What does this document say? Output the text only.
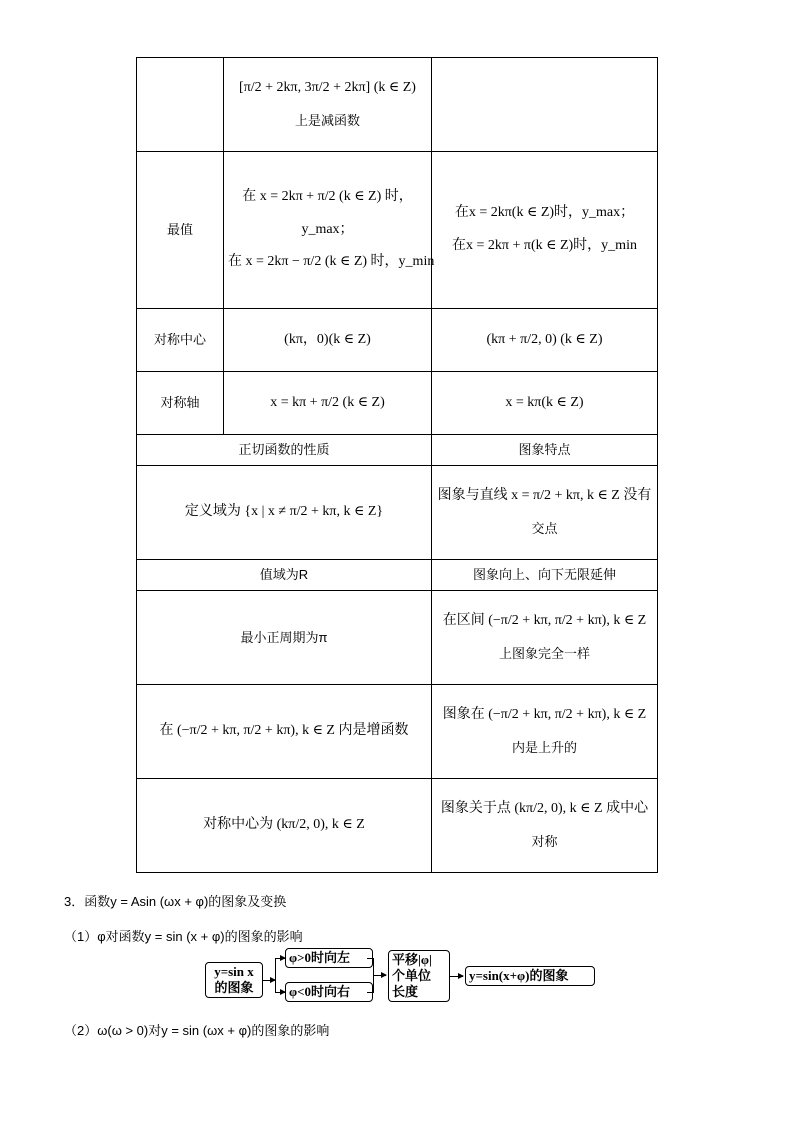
	[π/2 + 2kπ, 3π/2 + 2kπ] (k ∈ Z)
上是减函数	

最值	在 x = 2kπ + π/2 (k ∈ Z) 时，
y_max；
在 x = 2kπ − π/2 (k ∈ Z) 时，y_min	在x = 2kπ(k ∈ Z)时，y_max；
在x = 2kπ + π(k ∈ Z)时，y_min

对称中心	(kπ，0)(k ∈ Z)	(kπ + π/2, 0) (k ∈ Z)
对称轴	x = kπ + π/2 (k ∈ Z)	x = kπ(k ∈ Z)
正切函数的性质		图象特点
定义域为 {x | x ≠ π/2 + kπ, k ∈ Z}		图象与直线 x = π/2 + kπ, k ∈ Z 没有
交点

值域为R		图象向上、向下无限延伸
最小正周期为π		在区间 (−π/2 + kπ, π/2 + kπ), k ∈ Z
上图象完全一样

在 (−π/2 + kπ, π/2 + kπ), k ∈ Z 内是增函数		图象在 (−π/2 + kπ, π/2 + kπ), k ∈ Z
内是上升的

对称中心为 (kπ/2, 0), k ∈ Z		图象关于点 (kπ/2, 0), k ∈ Z 成中心
对称
3．函数y = Asin (ωx + φ)的图象及变换
（1）φ对函数y = sin (x + φ)的图象的影响
y=sin x
的图象
φ>0时向左
φ<0时向右
平移|φ|
个单位
长度
y=sin(x+φ)的图象
（2）ω(ω > 0)对y = sin (ωx + φ)的图象的影响
